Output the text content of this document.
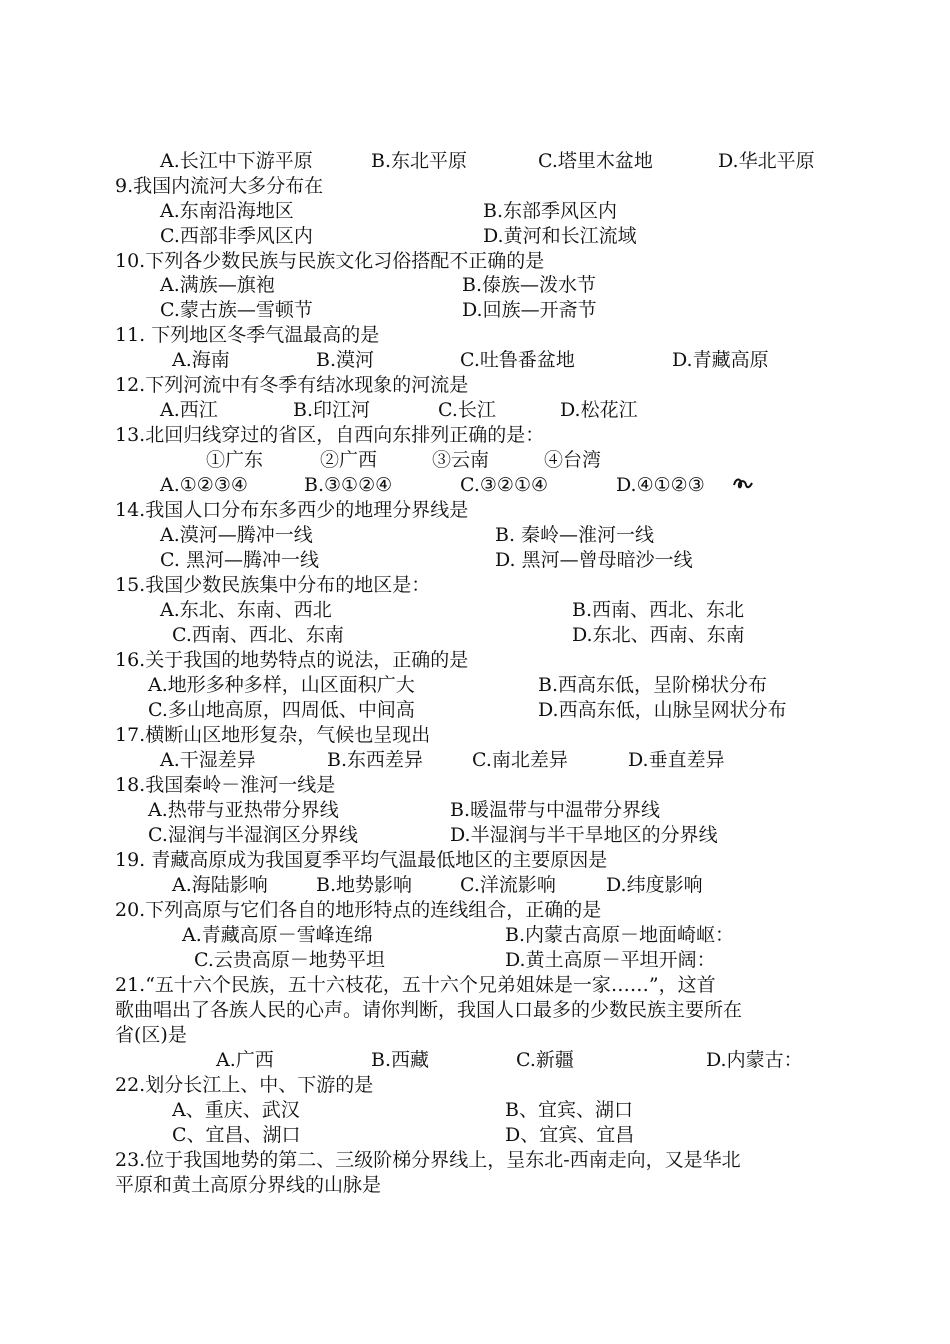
A.长江中下游平原	B.东北平原	C.塔里木盆地	D.华北平原
9.我国内流河大多分布在
A.东南沿海地区	B.东部季风区内
C.西部非季风区内	D.黄河和长江流域
10.下列各少数民族与民族文化习俗搭配不正确的是
A.满族—旗袍	B.傣族—泼水节
C.蒙古族—雪顿节	D.回族—开斋节
11. 下列地区冬季气温最高的是
A.海南	B.漠河	C.吐鲁番盆地	D.青藏高原
12.下列河流中有冬季有结冰现象的河流是
A.西江	B.印江河	C.长江	D.松花江
13.北回归线穿过的省区，自西向东排列正确的是：
①广东	②广西	③云南	④台湾
A.①②③④	B.③①②④	C.③②①④	D.④①②③
14.我国人口分布东多西少的地理分界线是
A.漠河—腾冲一线	B. 秦岭—淮河一线
C. 黑河—腾冲一线	D. 黑河—曾母暗沙一线
15.我国少数民族集中分布的地区是：
A.东北、东南、西北	B.西南、西北、东北
C.西南、西北、东南	D.东北、西南、东南
16.关于我国的地势特点的说法，正确的是
A.地形多种多样，山区面积广大	B.西高东低，呈阶梯状分布
C.多山地高原，四周低、中间高	D.西高东低，山脉呈网状分布
17.横断山区地形复杂，气候也呈现出
A.干湿差异	B.东西差异	C.南北差异	D.垂直差异
18.我国秦岭－淮河一线是
A.热带与亚热带分界线	B.暖温带与中温带分界线
C.湿润与半湿润区分界线	D.半湿润与半干旱地区的分界线
19. 青藏高原成为我国夏季平均气温最低地区的主要原因是
A.海陆影响	B.地势影响	C.洋流影响	D.纬度影响
20.下列高原与它们各自的地形特点的连线组合，正确的是
A.青藏高原－雪峰连绵	B.内蒙古高原－地面崎岖：
C.云贵高原－地势平坦	D.黄土高原－平坦开阔：
21.“五十六个民族，五十六枝花，五十六个兄弟姐妹是一家……”，这首
歌曲唱出了各族人民的心声。请你判断，我国人口最多的少数民族主要所在
省(区)是
A.广西	B.西藏	C.新疆	D.内蒙古：
22.划分长江上、中、下游的是
A、重庆、武汉	B、宜宾、湖口
C、宜昌、湖口	D、宜宾、宜昌
23.位于我国地势的第二、三级阶梯分界线上，呈东北-西南走向，又是华北
平原和黄土高原分界线的山脉是
